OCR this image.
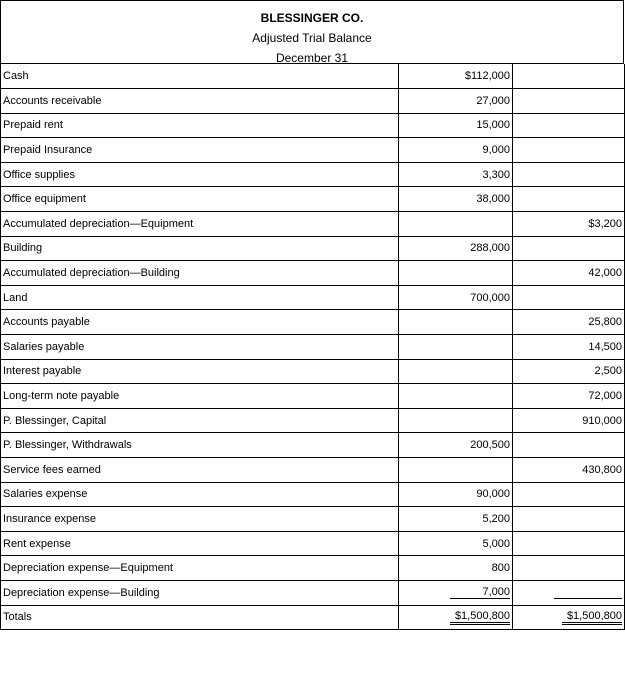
BLESSINGER CO.
Adjusted Trial Balance
December 31
Cash	$112,000	
Accounts receivable	27,000	
Prepaid rent	15,000	
Prepaid Insurance	9,000	
Office supplies	3,300	
Office equipment	38,000	
Accumulated depreciation—Equipment		$3,200
Building	288,000	
Accumulated depreciation—Building		42,000
Land	700,000	
Accounts payable		25,800
Salaries payable		14,500
Interest payable		2,500
Long-term note payable		72,000
P. Blessinger, Capital		910,000
P. Blessinger, Withdrawals	200,500	
Service fees earned		430,800
Salaries expense	90,000	
Insurance expense	5,200	
Rent expense	5,000	
Depreciation expense—Equipment	800	
Depreciation expense—Building	7,000	
Totals	$1,500,800	$1,500,800
